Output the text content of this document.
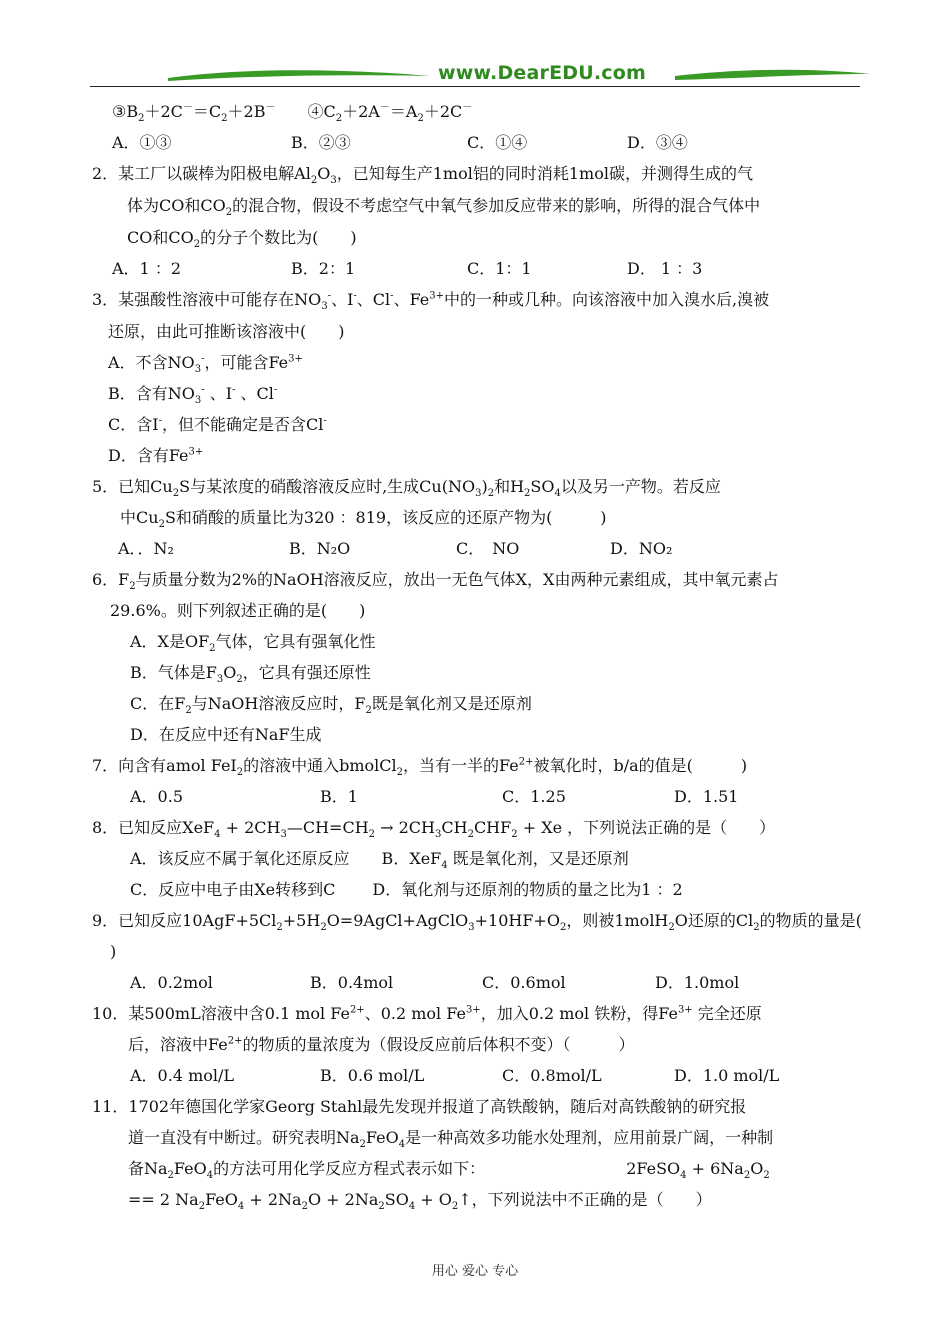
www.DearEDU.com
$③B_2+2C^-=C_2+2B^-$　　$④C_2+2A^-=A_2+2C^-$
A．①③	B．②③	C．①④	D．③④
2．某工厂以碳棒为阳极电解$Al_2O_3$，已知每生产1mol铝的同时消耗1mol碳，并测得生成的气
体为CO和$CO_2$的混合物，假设不考虑空气中氧气参加反应带来的影响，所得的混合气体中
CO和$CO_2$的分子个数比为(　　)
A．1 ：2	B．2：1	C．1：1	D． 1 ：3
3．某强酸性溶液中可能存在$NO_3^-$、I-、Cl-、$Fe^{3+}$中的一种或几种。向该溶液中加入溴水后,溴被
还原，由此可推断该溶液中(　　)
A．不含$NO_3^-$，可能含$Fe^{3+}$
B．含有$NO_3^-$ 、I- 、Cl-
C．含I-，但不能确定是否含Cl-
D．含有$Fe^{3+}$
5．已知$Cu_2S$与某浓度的硝酸溶液反应时,生成$Cu(NO_3)_2$和$H_2SO_4$以及另一产物。若反应
中$Cu_2S$和硝酸的质量比为320 ：819，该反应的还原产物为(　　　)
A．．N₂	B．N₂O	C．　NO	D．NO₂
6．$F_2$与质量分数为2%的NaOH溶液反应，放出一无色气体X，X由两种元素组成，其中氧元素占
29.6%。则下列叙述正确的是(　　)
A．X是$OF_2$气体，它具有强氧化性
B．气体是$F_3O_2$，它具有强还原性
C．在$F_2$与NaOH溶液反应时，$F_2$既是氧化剂又是还原剂
D．在反应中还有NaF生成
7．向含有amol FeI$_2$的溶液中通入bmolCl$_2$，当有一半的$Fe^{2+}$被氧化时，b/a的值是(　　　)
A．0.5	B．1	C．1.25	D．1.51
8．已知反应$XeF_4 + 2CH_3—CH=CH_2 \to 2CH_3CH_2CHF_2 + Xe$ ，下列说法正确的是（　　）
A．该反应不属于氧化还原反应　　B．XeF$_4$ 既是氧化剂，又是还原剂
C．反应中电子由Xe转移到C　　 D．氧化剂与还原剂的物质的量之比为1 ：2
9．已知反应$10AgF+5Cl_2+5H_2O=9AgCl+AgClO_3+10HF+O_2$，则被1molH$_2$O还原的$Cl_2$的物质的量是(
)
A．0.2mol	B．0.4mol	C．0.6mol	D．1.0mol
10．某500mL溶液中含0.1 mol $Fe^{2+}$、0.2 mol $Fe^{3+}$，加入0.2 mol 铁粉，得$Fe^{3+}$ 完全还原
后，溶液中$Fe^{2+}$的物质的量浓度为（假设反应前后体积不变）（　　　）
A．0.4 mol/L	B．0.6 mol/L	C．0.8mol/L	D．1.0 mol/L
11．1702年德国化学家Georg Stahl最先发现并报道了高铁酸钠，随后对高铁酸钠的研究报
道一直没有中断过。研究表明$Na_2FeO_4$是一种高效多功能水处理剂，应用前景广阔，一种制
备$Na_2FeO_4$的方法可用化学反应方程式表示如下：　　　　　　　　　 2FeSO$_4$ + $6Na_2O_2$
== 2 $Na_2FeO_4 + 2Na_2O + 2Na_2SO_4$ + $O_2↑$，下列说法中不正确的是（　　）
用心 爱心 专心
